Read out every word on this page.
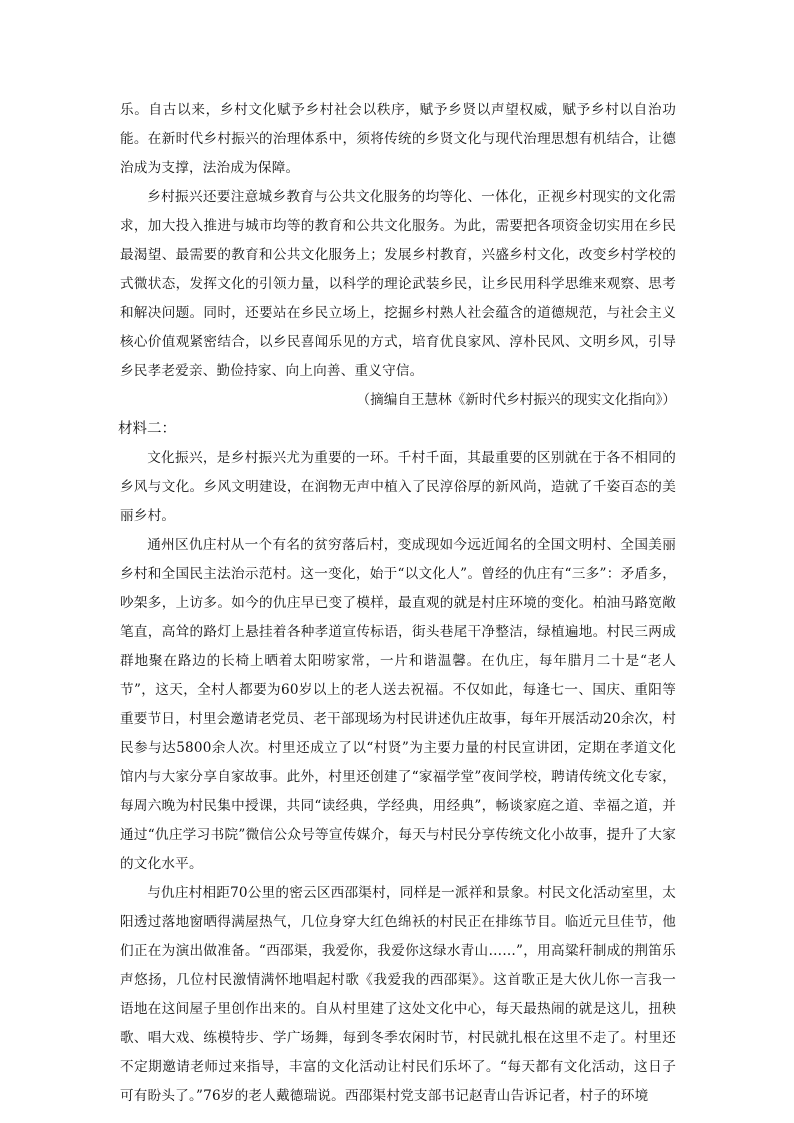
乐。自古以来，乡村文化赋予乡村社会以秩序，赋予乡贤以声望权威，赋予乡村以自治功能。在新时代乡村振兴的治理体系中，须将传统的乡贤文化与现代治理思想有机结合，让德治成为支撑，法治成为保障。

乡村振兴还要注意城乡教育与公共文化服务的均等化、一体化，正视乡村现实的文化需求，加大投入推进与城市均等的教育和公共文化服务。为此，需要把各项资金切实用在乡民最渴望、最需要的教育和公共文化服务上；发展乡村教育，兴盛乡村文化，改变乡村学校的式微状态，发挥文化的引领力量，以科学的理论武装乡民，让乡民用科学思维来观察、思考和解决问题。同时，还要站在乡民立场上，挖掘乡村熟人社会蕴含的道德规范，与社会主义核心价值观紧密结合，以乡民喜闻乐见的方式，培育优良家风、淳朴民风、文明乡风，引导乡民孝老爱亲、勤俭持家、向上向善、重义守信。

（摘编自王慧林《新时代乡村振兴的现实文化指向》）

材料二：

文化振兴，是乡村振兴尤为重要的一环。千村千面，其最重要的区别就在于各不相同的乡风与文化。乡风文明建设，在润物无声中植入了民淳俗厚的新风尚，造就了千姿百态的美丽乡村。

通州区仇庄村从一个有名的贫穷落后村，变成现如今远近闻名的全国文明村、全国美丽乡村和全国民主法治示范村。这一变化，始于“以文化人”。曾经的仇庄有“三多”：矛盾多，吵架多，上访多。如今的仇庄早已变了模样，最直观的就是村庄环境的变化。柏油马路宽敞笔直，高耸的路灯上悬挂着各种孝道宣传标语，街头巷尾干净整洁，绿植遍地。村民三两成群地聚在路边的长椅上晒着太阳唠家常，一片和谐温馨。在仇庄，每年腊月二十是“老人节”，这天，全村人都要为60岁以上的老人送去祝福。不仅如此，每逢七一、国庆、重阳等重要节日，村里会邀请老党员、老干部现场为村民讲述仇庄故事，每年开展活动20余次，村民参与达5800余人次。村里还成立了以“村贤”为主要力量的村民宣讲团，定期在孝道文化馆内与大家分享自家故事。此外，村里还创建了“家福学堂”夜间学校，聘请传统文化专家，每周六晚为村民集中授课，共同“读经典，学经典，用经典”，畅谈家庭之道、幸福之道，并通过“仇庄学习书院”微信公众号等宣传媒介，每天与村民分享传统文化小故事，提升了大家的文化水平。

与仇庄村相距70公里的密云区西邵渠村，同样是一派祥和景象。村民文化活动室里，太阳透过落地窗晒得满屋热气，几位身穿大红色绵袄的村民正在排练节目。临近元旦佳节，他们正在为演出做准备。“西邵渠，我爱你，我爱你这绿水青山……”，用高粱秆制成的荆笛乐声悠扬，几位村民激情满怀地唱起村歌《我爱我的西邵渠》。这首歌正是大伙儿你一言我一语地在这间屋子里创作出来的。自从村里建了这处文化中心，每天最热闹的就是这儿，扭秧歌、唱大戏、练模特步、学广场舞，每到冬季农闲时节，村民就扎根在这里不走了。村里还不定期邀请老师过来指导，丰富的文化活动让村民们乐坏了。“每天都有文化活动，这日子可有盼头了。”76岁的老人戴德瑞说。西邵渠村党支部书记赵青山告诉记者，村子的环境
